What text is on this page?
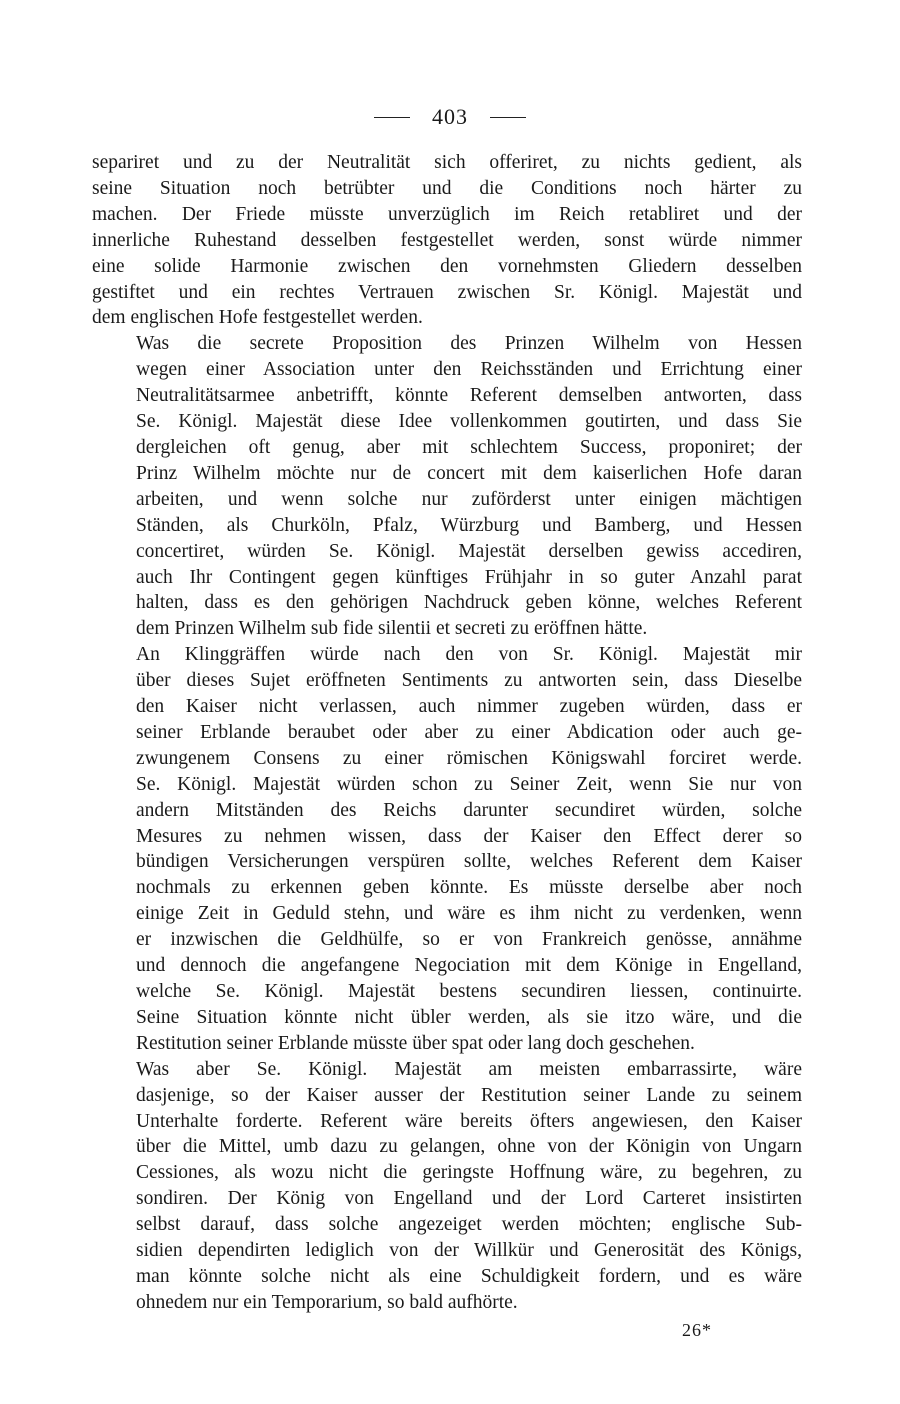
403
separiret und zu der Neutralität sich offeriret, zu nichts gedient, als
seine Situation noch betrübter und die Conditions noch härter zu
machen. Der Friede müsste unverzüglich im Reich retabliret und der
innerliche Ruhestand desselben festgestellet werden, sonst würde nimmer
eine solide Harmonie zwischen den vornehmsten Gliedern desselben
gestiftet und ein rechtes Vertrauen zwischen Sr. Königl. Majestät und
dem englischen Hofe festgestellet werden.
Was die secrete Proposition des Prinzen Wilhelm von Hessen
wegen einer Association unter den Reichsständen und Errichtung einer
Neutralitätsarmee anbetrifft, könnte Referent demselben antworten, dass
Se. Königl. Majestät diese Idee vollenkommen goutirten, und dass Sie
dergleichen oft genug, aber mit schlechtem Success, proponiret; der
Prinz Wilhelm möchte nur de concert mit dem kaiserlichen Hofe daran
arbeiten, und wenn solche nur zuförderst unter einigen mächtigen
Ständen, als Churköln, Pfalz, Würzburg und Bamberg, und Hessen
concertiret, würden Se. Königl. Majestät derselben gewiss accediren,
auch Ihr Contingent gegen künftiges Frühjahr in so guter Anzahl parat
halten, dass es den gehörigen Nachdruck geben könne, welches Referent
dem Prinzen Wilhelm sub fide silentii et secreti zu eröffnen hätte.
An Klinggräffen würde nach den von Sr. Königl. Majestät mir
über dieses Sujet eröffneten Sentiments zu antworten sein, dass Dieselbe
den Kaiser nicht verlassen, auch nimmer zugeben würden, dass er
seiner Erblande beraubet oder aber zu einer Abdication oder auch ge-
zwungenem Consens zu einer römischen Königswahl forciret werde.
Se. Königl. Majestät würden schon zu Seiner Zeit, wenn Sie nur von
andern Mitständen des Reichs darunter secundiret würden, solche
Mesures zu nehmen wissen, dass der Kaiser den Effect derer so
bündigen Versicherungen verspüren sollte, welches Referent dem Kaiser
nochmals zu erkennen geben könnte. Es müsste derselbe aber noch
einige Zeit in Geduld stehn, und wäre es ihm nicht zu verdenken, wenn
er inzwischen die Geldhülfe, so er von Frankreich genösse, annähme
und dennoch die angefangene Negociation mit dem Könige in Engelland,
welche Se. Königl. Majestät bestens secundiren liessen, continuirte.
Seine Situation könnte nicht übler werden, als sie itzo wäre, und die
Restitution seiner Erblande müsste über spat oder lang doch geschehen.
Was aber Se. Königl. Majestät am meisten embarrassirte, wäre
dasjenige, so der Kaiser ausser der Restitution seiner Lande zu seinem
Unterhalte forderte. Referent wäre bereits öfters angewiesen, den Kaiser
über die Mittel, umb dazu zu gelangen, ohne von der Königin von Ungarn
Cessiones, als wozu nicht die geringste Hoffnung wäre, zu begehren, zu
sondiren. Der König von Engelland und der Lord Carteret insistirten
selbst darauf, dass solche angezeiget werden möchten; englische Sub-
sidien dependirten lediglich von der Willkür und Generosität des Königs,
man könnte solche nicht als eine Schuldigkeit fordern, und es wäre
ohnedem nur ein Temporarium, so bald aufhörte.
26*
